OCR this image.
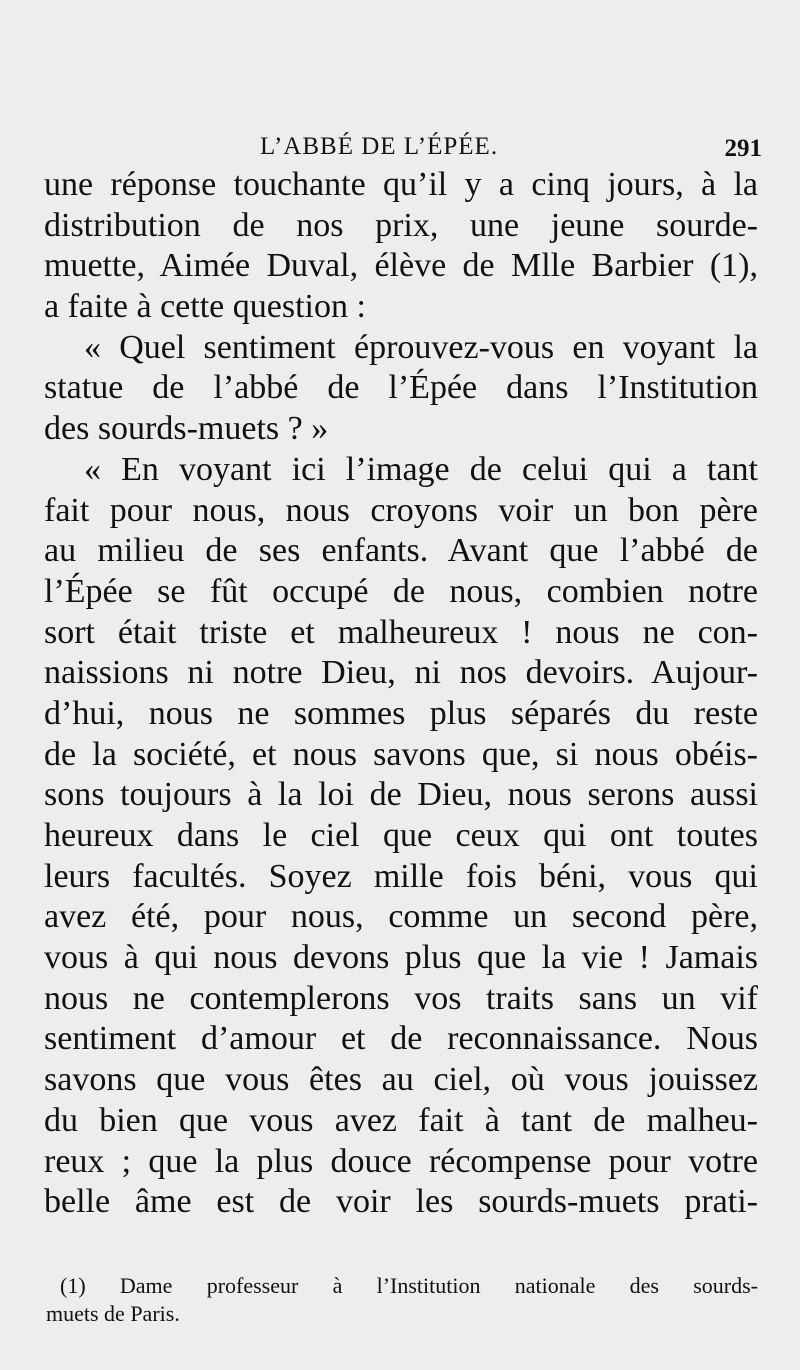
L’ABBÉ DE L’ÉPÉE.	291
une réponse touchante qu’il y a cinq jours, à la
distribution de nos prix, une jeune sourde-
muette, Aimée Duval, élève de Mlle Barbier (1),
a faite à cette question :
« Quel sentiment éprouvez-vous en voyant la
statue de l’abbé de l’Épée dans l’Institution
des sourds-muets ? »
« En voyant ici l’image de celui qui a tant
fait pour nous, nous croyons voir un bon père
au milieu de ses enfants. Avant que l’abbé de
l’Épée se fût occupé de nous, combien notre
sort était triste et malheureux ! nous ne con-
naissions ni notre Dieu, ni nos devoirs. Aujour-
d’hui, nous ne sommes plus séparés du reste
de la société, et nous savons que, si nous obéis-
sons toujours à la loi de Dieu, nous serons aussi
heureux dans le ciel que ceux qui ont toutes
leurs facultés. Soyez mille fois béni, vous qui
avez été, pour nous, comme un second père,
vous à qui nous devons plus que la vie ! Jamais
nous ne contemplerons vos traits sans un vif
sentiment d’amour et de reconnaissance. Nous
savons que vous êtes au ciel, où vous jouissez
du bien que vous avez fait à tant de malheu-
reux ; que la plus douce récompense pour votre
belle âme est de voir les sourds-muets prati-
(1) Dame professeur à l’Institution nationale des sourds-
muets de Paris.
